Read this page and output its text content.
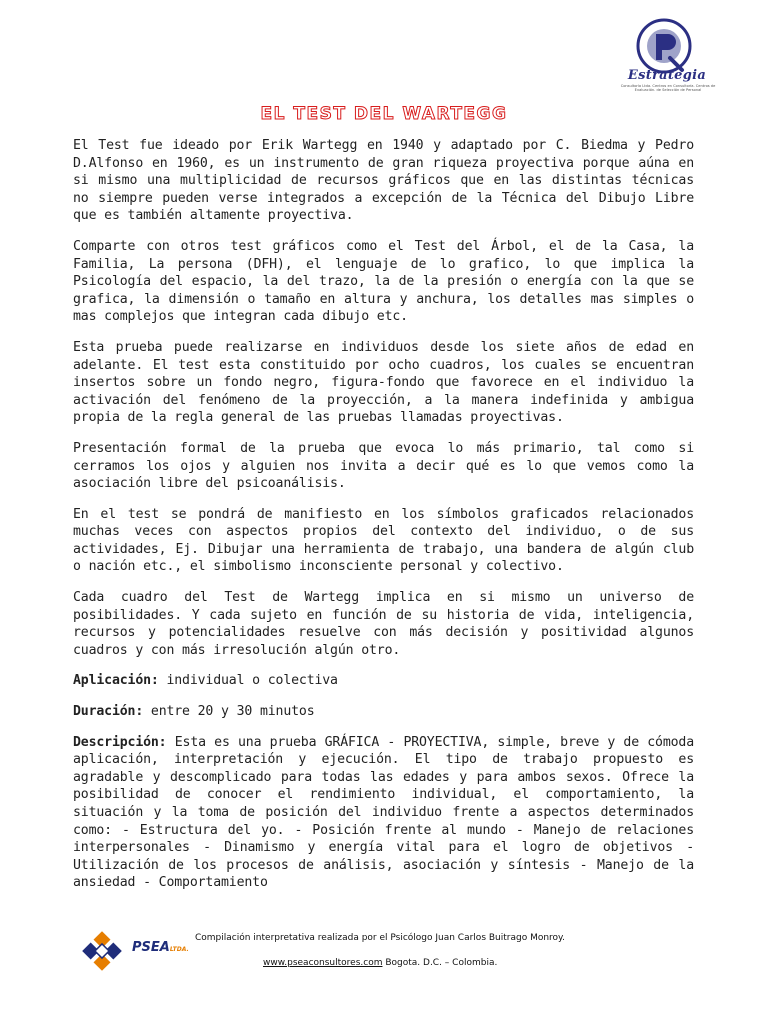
Estrategia
Consultoría Ltda. Centros en Consultoría. Centros de Evaluación. de Selección de Personal
EL TEST DEL WARTEGG

El Test fue ideado por Erik Wartegg en 1940 y adaptado por C. Biedma y Pedro D.Alfonso en 1960, es un instrumento de gran riqueza proyectiva porque aúna en si mismo una multiplicidad de recursos gráficos que en las distintas técnicas no siempre pueden verse integrados a excepción de la Técnica del Dibujo Libre que es también altamente proyectiva.

Comparte con otros test gráficos como el Test del Árbol, el de la Casa, la Familia, La persona (DFH), el lenguaje de lo grafico, lo que implica la Psicología del espacio, la del trazo, la de la presión o energía con la que se grafica, la dimensión o tamaño en altura y anchura, los detalles mas simples o mas complejos que integran cada dibujo etc.

Esta prueba puede realizarse en individuos desde los siete años de edad en adelante. El test esta constituido por ocho cuadros, los cuales se encuentran insertos sobre un fondo negro, figura-fondo que favorece en el individuo la activación del fenómeno de la proyección, a la manera indefinida y ambigua propia de la regla general de las pruebas llamadas proyectivas.

Presentación formal de la prueba que evoca lo más primario, tal como si cerramos los ojos y alguien nos invita a decir qué es lo que vemos como la asociación libre del psicoanálisis.

En el test se pondrá de manifiesto en los símbolos graficados relacionados muchas veces con aspectos propios del contexto del individuo, o de sus actividades, Ej. Dibujar una herramienta de trabajo, una bandera de algún club o nación etc., el simbolismo inconsciente personal y colectivo.

Cada cuadro del Test de Wartegg implica en si mismo un universo de posibilidades. Y cada sujeto en función de su historia de vida, inteligencia, recursos y potencialidades resuelve con más decisión y positividad algunos cuadros y con más irresolución algún otro.

Aplicación: individual o colectiva

Duración: entre 20 y 30 minutos

Descripción: Esta es una prueba GRÁFICA - PROYECTIVA, simple, breve y de cómoda aplicación, interpretación y ejecución. El tipo de trabajo propuesto es agradable y descomplicado para todas las edades y para ambos sexos. Ofrece la posibilidad de conocer el rendimiento individual, el comportamiento, la situación y la toma de posición del individuo frente a aspectos determinados como: - Estructura del yo. - Posición frente al mundo - Manejo de relaciones interpersonales - Dinamismo y energía vital para el logro de objetivos - Utilización de los procesos de análisis, asociación y síntesis - Manejo de la ansiedad - Comportamiento

PSEALTDA.
Compilación interpretativa realizada por el Psicólogo Juan Carlos Buitrago Monroy.
www.pseaconsultores.com Bogota. D.C. – Colombia.
